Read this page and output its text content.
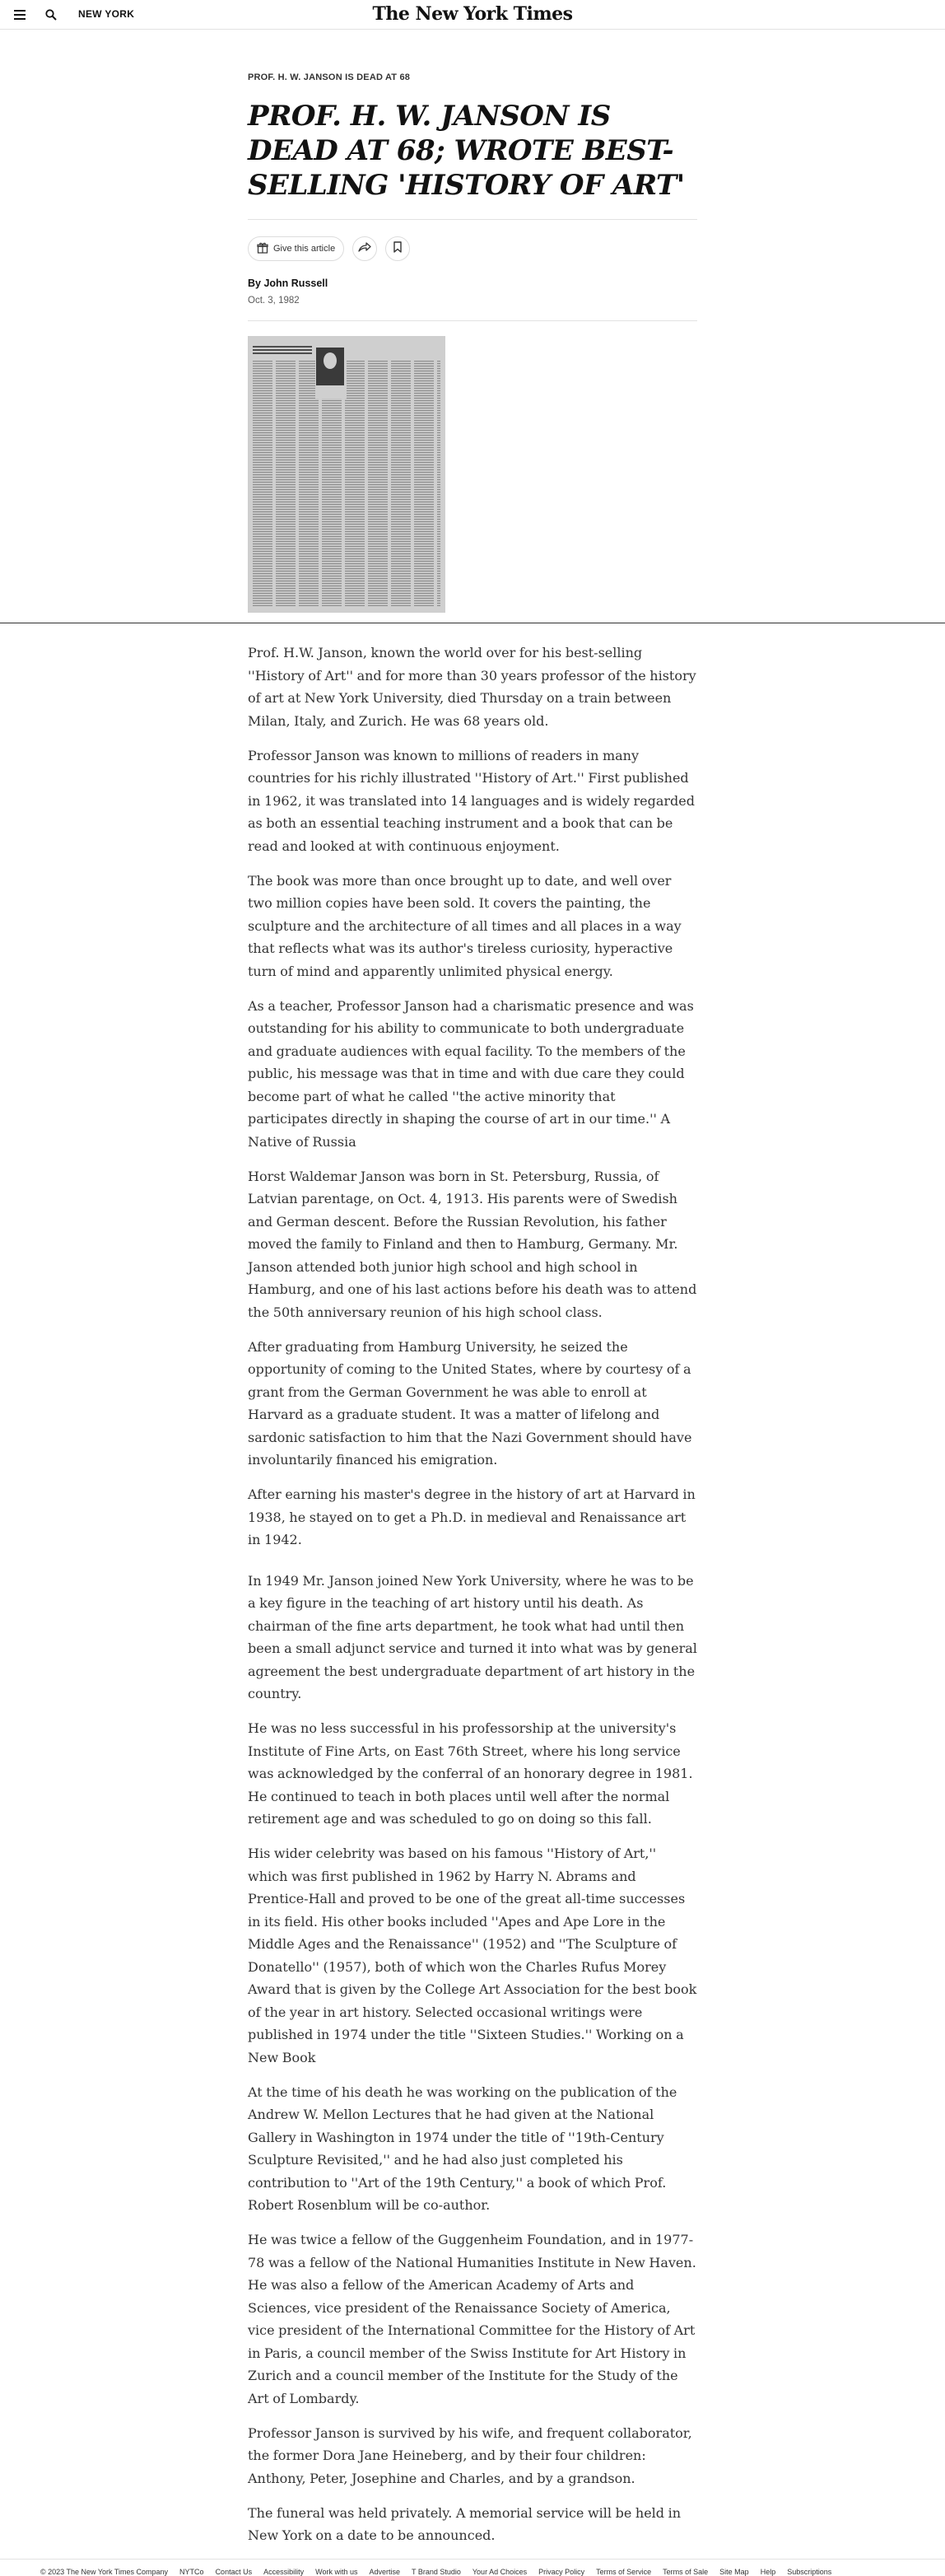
NEW YORK	The New York Times
PROF. H. W. JANSON IS DEAD AT 68
PROF. H. W. JANSON IS DEAD AT 68; WROTE BEST-SELLING 'HISTORY OF ART'
Give this article
By John Russell
Oct. 3, 1982

Prof. H.W. Janson, known the world over for his best-selling ''History of Art'' and for more than 30 years professor of the history of art at New York University, died Thursday on a train between Milan, Italy, and Zurich. He was 68 years old.

Professor Janson was known to millions of readers in many countries for his richly illustrated ''History of Art.'' First published in 1962, it was translated into 14 languages and is widely regarded as both an essential teaching instrument and a book that can be read and looked at with continuous enjoyment.

The book was more than once brought up to date, and well over two million copies have been sold. It covers the painting, the sculpture and the architecture of all times and all places in a way that reflects what was its author's tireless curiosity, hyperactive turn of mind and apparently unlimited physical energy.

As a teacher, Professor Janson had a charismatic presence and was outstanding for his ability to communicate to both undergraduate and graduate audiences with equal facility. To the members of the public, his message was that in time and with due care they could become part of what he called ''the active minority that participates directly in shaping the course of art in our time.'' A Native of Russia

Horst Waldemar Janson was born in St. Petersburg, Russia, of Latvian parentage, on Oct. 4, 1913. His parents were of Swedish and German descent. Before the Russian Revolution, his father moved the family to Finland and then to Hamburg, Germany. Mr. Janson attended both junior high school and high school in Hamburg, and one of his last actions before his death was to attend the 50th anniversary reunion of his high school class.

After graduating from Hamburg University, he seized the opportunity of coming to the United States, where by courtesy of a grant from the German Government he was able to enroll at Harvard as a graduate student. It was a matter of lifelong and sardonic satisfaction to him that the Nazi Government should have involuntarily financed his emigration.

After earning his master's degree in the history of art at Harvard in 1938, he stayed on to get a Ph.D. in medieval and Renaissance art in 1942.

In 1949 Mr. Janson joined New York University, where he was to be a key figure in the teaching of art history until his death. As chairman of the fine arts department, he took what had until then been a small adjunct service and turned it into what was by general agreement the best undergraduate department of art history in the country.

He was no less successful in his professorship at the university's Institute of Fine Arts, on East 76th Street, where his long service was acknowledged by the conferral of an honorary degree in 1981. He continued to teach in both places until well after the normal retirement age and was scheduled to go on doing so this fall.

His wider celebrity was based on his famous ''History of Art,'' which was first published in 1962 by Harry N. Abrams and Prentice-Hall and proved to be one of the great all-time successes in its field. His other books included ''Apes and Ape Lore in the Middle Ages and the Renaissance'' (1952) and ''The Sculpture of Donatello'' (1957), both of which won the Charles Rufus Morey Award that is given by the College Art Association for the best book of the year in art history. Selected occasional writings were published in 1974 under the title ''Sixteen Studies.'' Working on a New Book

At the time of his death he was working on the publication of the Andrew W. Mellon Lectures that he had given at the National Gallery in Washington in 1974 under the title of ''19th-Century Sculpture Revisited,'' and he had also just completed his contribution to ''Art of the 19th Century,'' a book of which Prof. Robert Rosenblum will be co-author.

He was twice a fellow of the Guggenheim Foundation, and in 1977-78 was a fellow of the National Humanities Institute in New Haven. He was also a fellow of the American Academy of Arts and Sciences, vice president of the Renaissance Society of America, vice president of the International Committee for the History of Art in Paris, a council member of the Swiss Institute for Art History in Zurich and a council member of the Institute for the Study of the Art of Lombardy.

Professor Janson is survived by his wife, and frequent collaborator, the former Dora Jane Heineberg, and by their four children: Anthony, Peter, Josephine and Charles, and by a grandson.

The funeral was held privately. A memorial service will be held in New York on a date to be announced.

© 2023 The New York Times Company NYTCo Contact Us Accessibility Work with us Advertise T Brand Studio Your Ad Choices Privacy Policy Terms of Service Terms of Sale Site Map Help Subscriptions
